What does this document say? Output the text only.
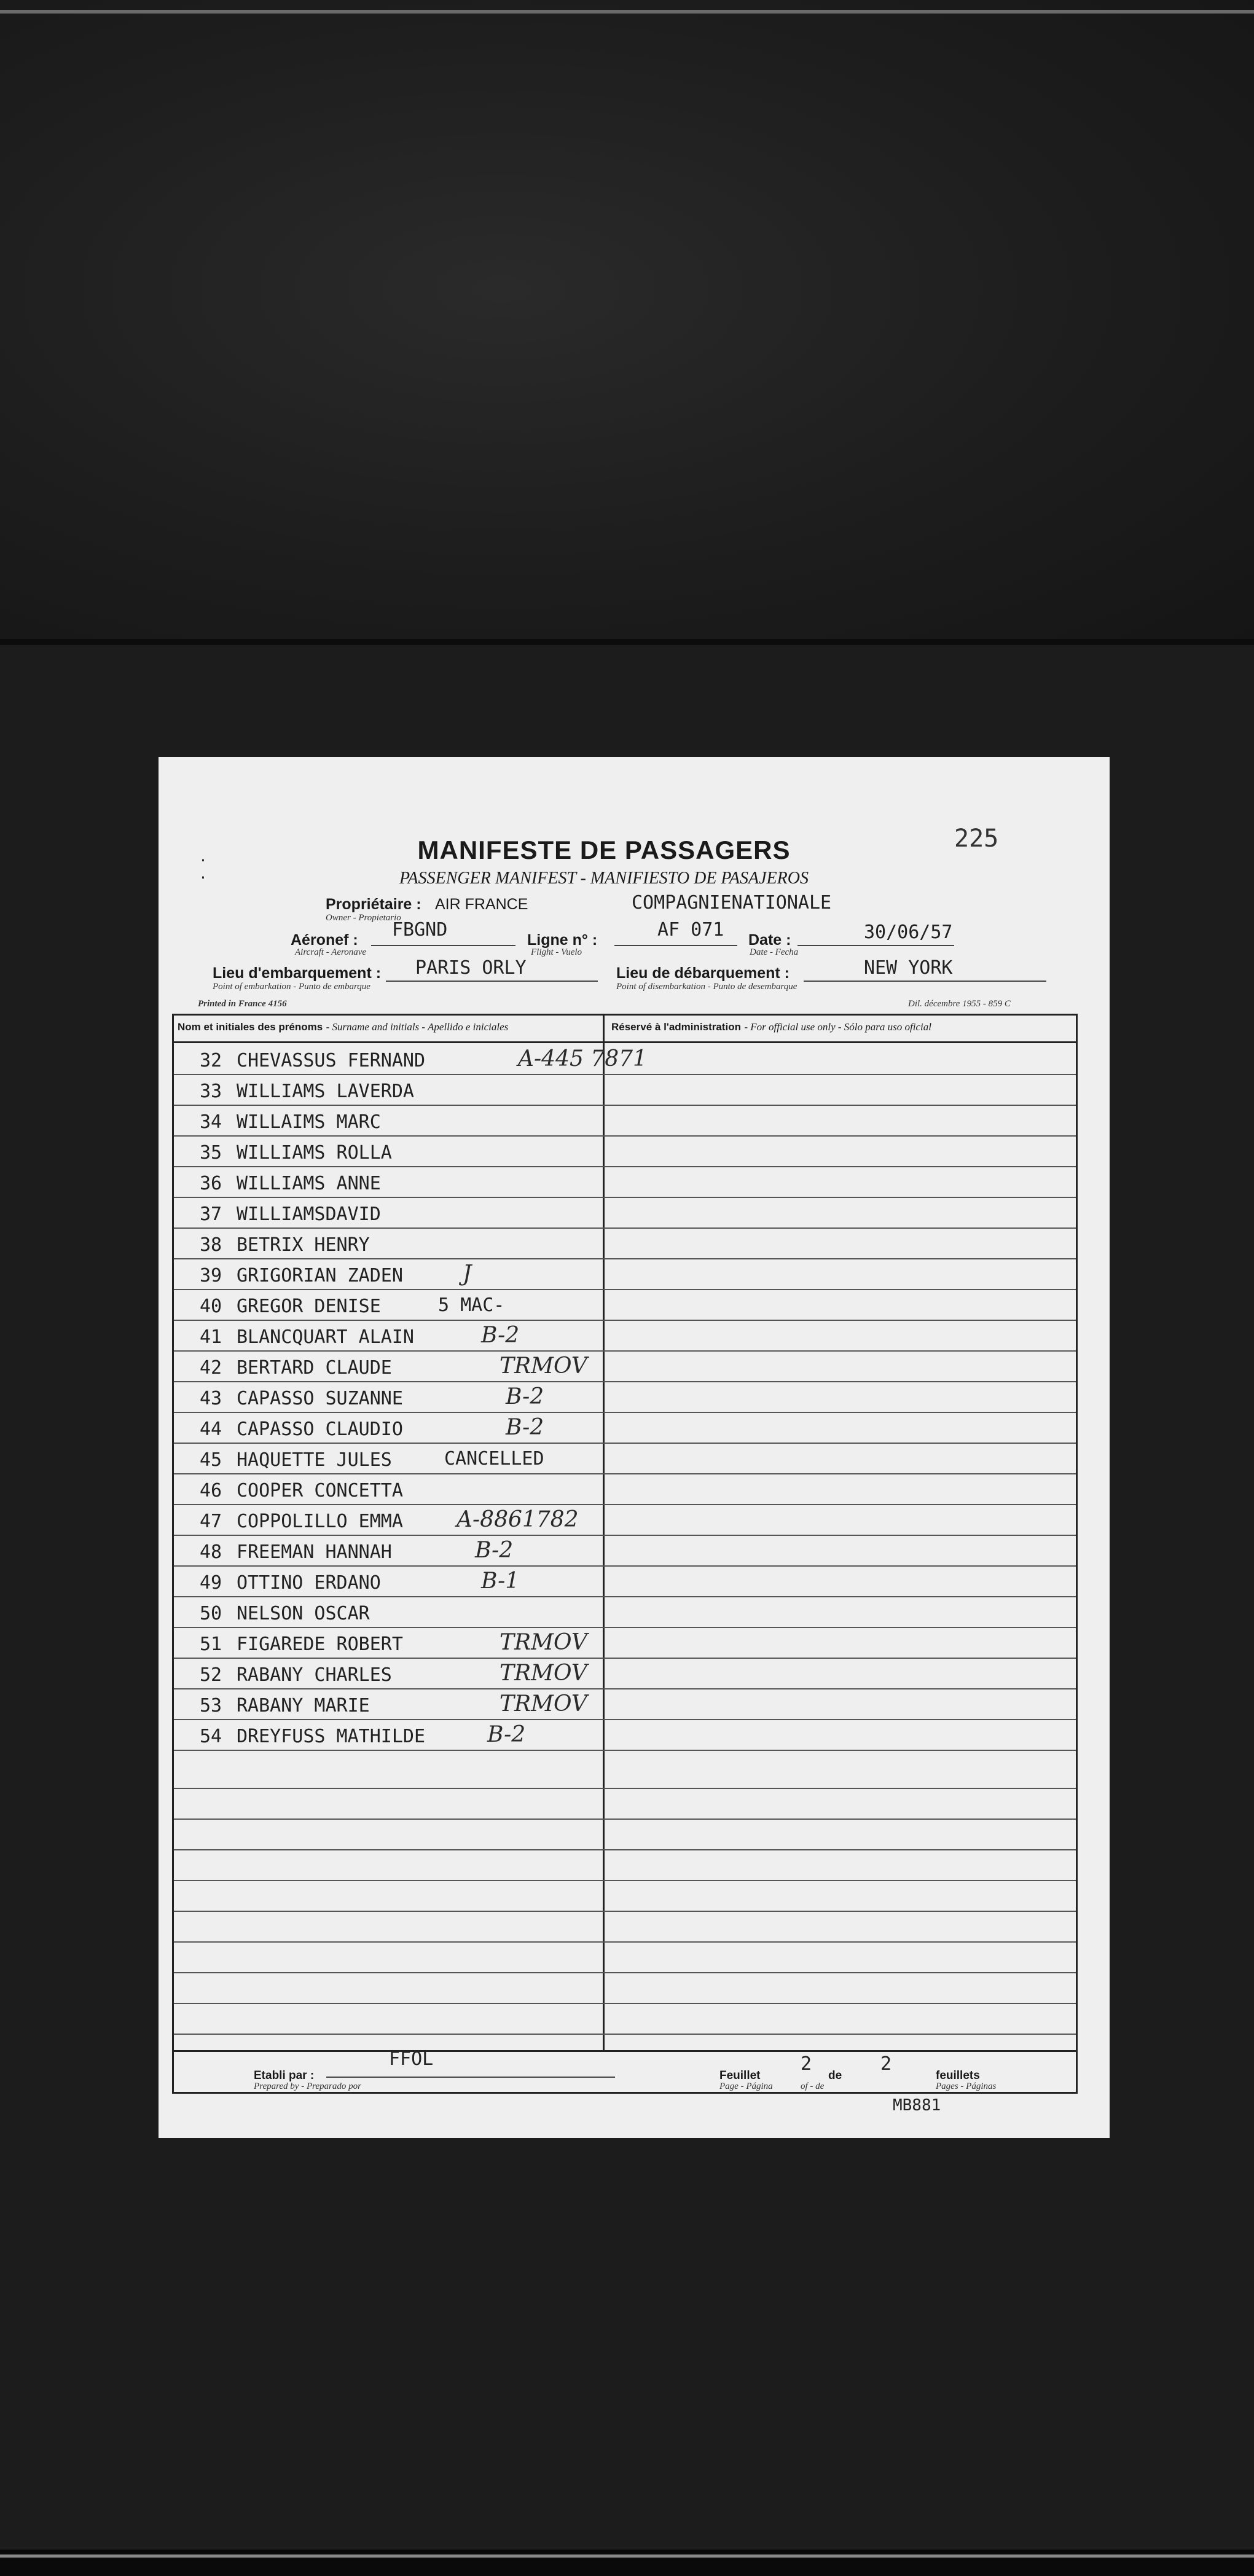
225
·
·
MANIFESTE DE PASSAGERS
PASSENGER MANIFEST - MANIFIESTO DE PASAJEROS
Propriétaire :
Owner - Propietario
AIR FRANCE	COMPAGNIENATIONALE
FBGND
Aéronef :
Aircraft - Aeronave
Ligne n° :
Flight - Vuelo
AF 071 Date :
Date - Fecha
30/06/57
Lieu d'embarquement :
Point of embarkation - Punto de embarque
PARIS ORLY	Lieu de débarquement :
Point of disembarkation - Punto de desembarque
NEW YORK
Printed in France 4156	Dil. décembre 1955 - 859 C
Nom et initiales des prénoms - Surname and initials - Apellido e iniciales	Réservé à l'administration - For official use only - Sólo para uso oficial
32 CHEVASSUS FERNAND	A-445 7871
33 WILLIAMS LAVERDA
34 WILLAIMS MARC
35 WILLIAMS ROLLA
36 WILLIAMS ANNE
37 WILLIAMSDAVID
38 BETRIX HENRY
39 GRIGORIAN ZADEN	J
40 GREGOR DENISE	5 MAC-
41 BLANCQUART ALAIN	B-2
42 BERTARD CLAUDE	TRMOV
43 CAPASSO SUZANNE	B-2
44 CAPASSO CLAUDIO	B-2
45 HAQUETTE JULES	CANCELLED
46 COOPER CONCETTA
47 COPPOLILLO EMMA A-8861782
48 FREEMAN HANNAH	B-2
49 OTTINO ERDANO	B-1
50 NELSON OSCAR
51 FIGAREDE ROBERT	TRMOV
52 RABANY CHARLES	TRMOV
53 RABANY MARIE	TRMOV
54 DREYFUSS MATHILDE	B-2
FFOL
Etabli par :
Prepared by - Preparado por
Feuillet
Page - Página
2
de
of - de
2
feuillets
Pages - Páginas
MB881
